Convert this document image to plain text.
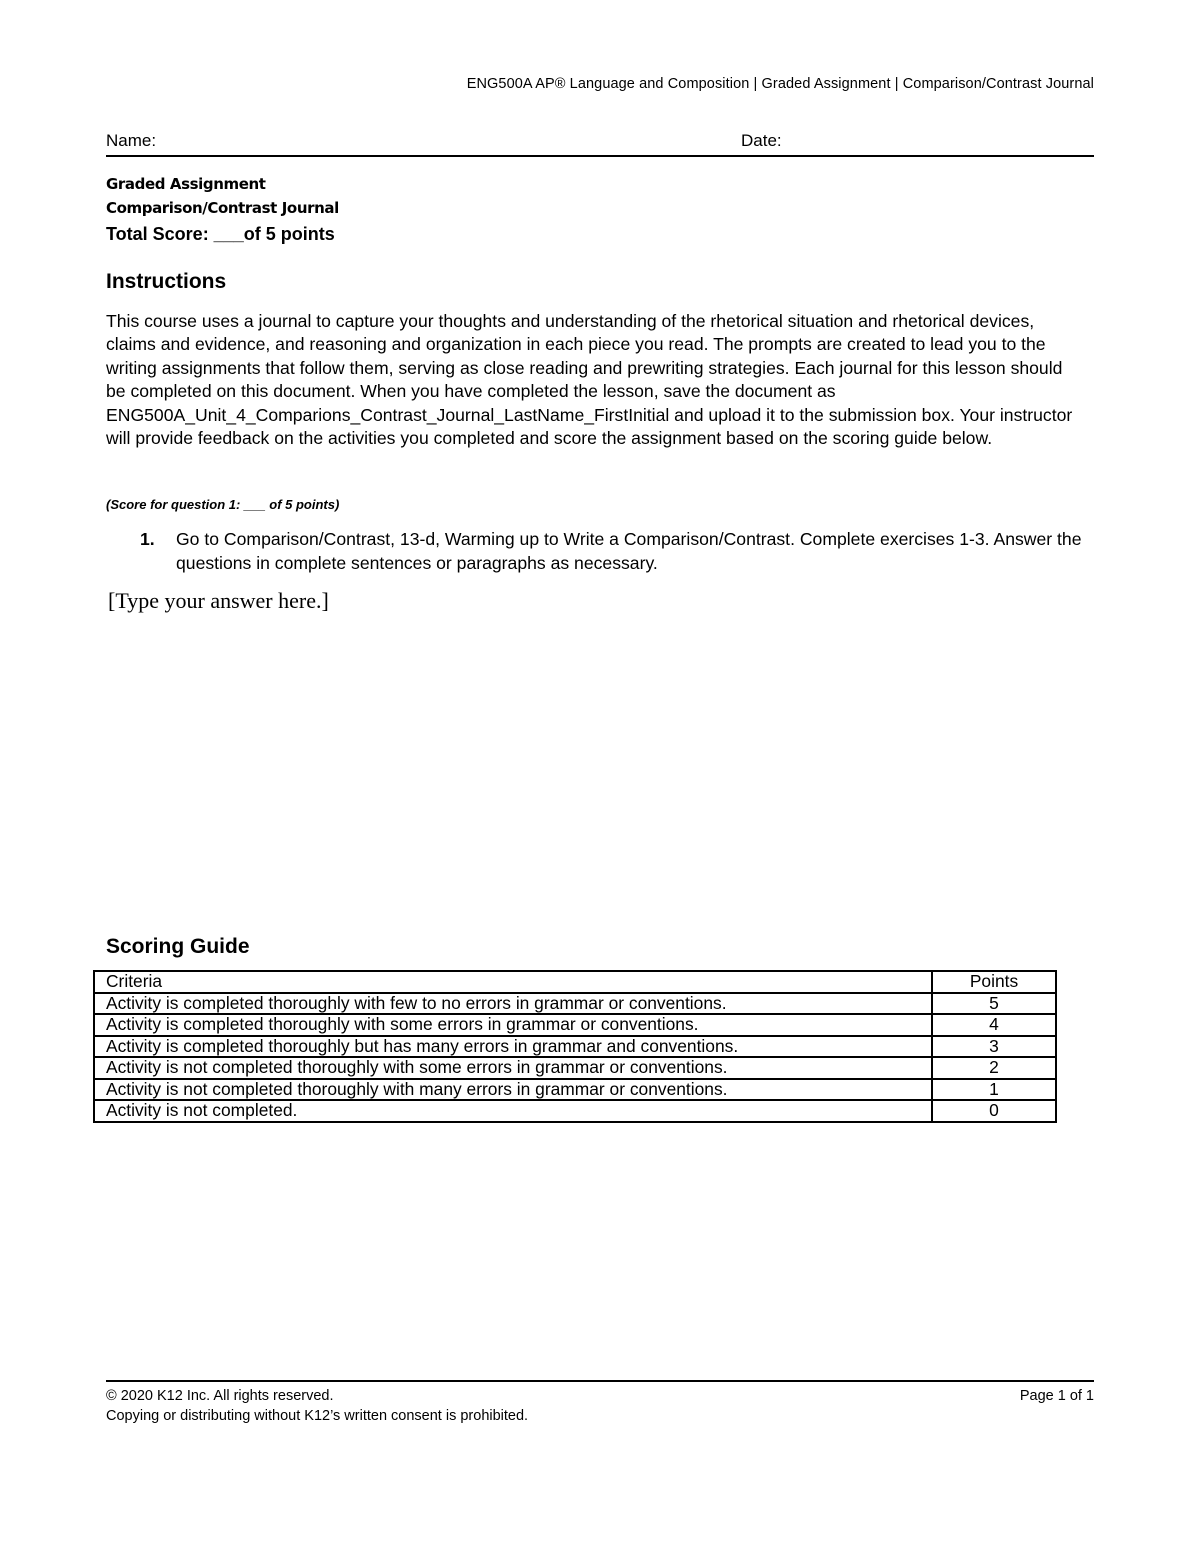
ENG500A AP® Language and Composition | Graded Assignment | Comparison/Contrast Journal
Name:	Date:
Graded Assignment
Comparison/Contrast Journal
Total Score: ___of 5 points
Instructions
This course uses a journal to capture your thoughts and understanding of the rhetorical situation and rhetorical devices, claims and evidence, and reasoning and organization in each piece you read. The prompts are created to lead you to the writing assignments that follow them, serving as close reading and prewriting strategies. Each journal for this lesson should be completed on this document. When you have completed the lesson, save the document as ENG500A_Unit_4_Comparions_Contrast_Journal_LastName_FirstInitial and upload it to the submission box. Your instructor will provide feedback on the activities you completed and score the assignment based on the scoring guide below.
(Score for question 1: ___ of 5 points)
1. Go to Comparison/Contrast, 13-d, Warming up to Write a Comparison/Contrast. Complete exercises 1-3. Answer the questions in complete sentences or paragraphs as necessary.
[Type your answer here.]
Scoring Guide
Criteria	Points
Activity is completed thoroughly with few to no errors in grammar or conventions.	5
Activity is completed thoroughly with some errors in grammar or conventions.	4
Activity is completed thoroughly but has many errors in grammar and conventions.	3
Activity is not completed thoroughly with some errors in grammar or conventions.	2
Activity is not completed thoroughly with many errors in grammar or conventions.	1
Activity is not completed.	0
© 2020 K12 Inc. All rights reserved.	Page 1 of 1
Copying or distributing without K12’s written consent is prohibited.
